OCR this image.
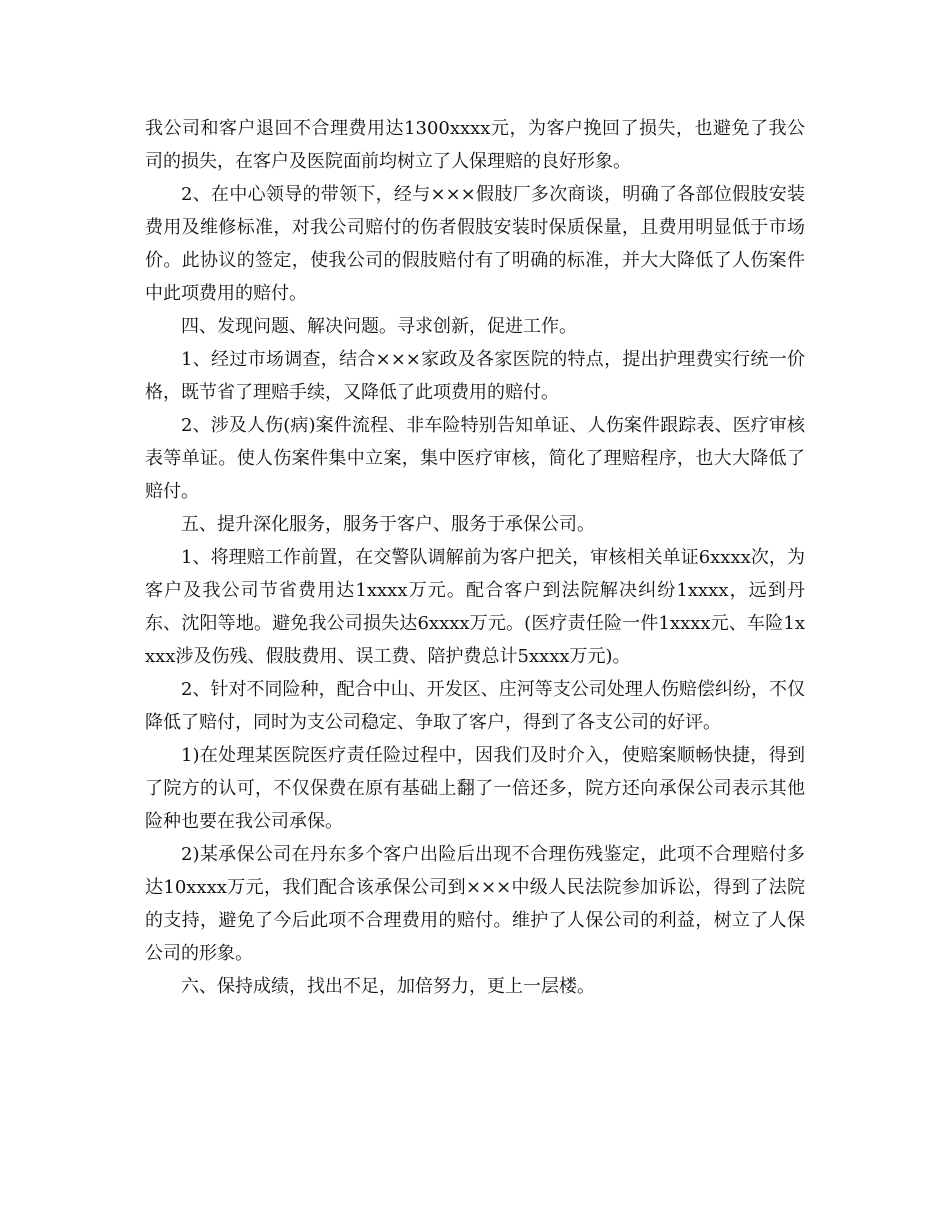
我公司和客户退回不合理费用达1300xxxx元，为客户挽回了损失，也避免了我公司的损失，在客户及医院面前均树立了人保理赔的良好形象。

2、在中心领导的带领下，经与×××假肢厂多次商谈，明确了各部位假肢安装费用及维修标准，对我公司赔付的伤者假肢安装时保质保量，且费用明显低于市场价。此协议的签定，使我公司的假肢赔付有了明确的标准，并大大降低了人伤案件中此项费用的赔付。

四、发现问题、解决问题。寻求创新，促进工作。

1、经过市场调查，结合×××家政及各家医院的特点，提出护理费实行统一价格，既节省了理赔手续，又降低了此项费用的赔付。

2、涉及人伤(病)案件流程、非车险特别告知单证、人伤案件跟踪表、医疗审核表等单证。使人伤案件集中立案，集中医疗审核，简化了理赔程序，也大大降低了赔付。

五、提升深化服务，服务于客户、服务于承保公司。

1、将理赔工作前置，在交警队调解前为客户把关，审核相关单证6xxxx次，为客户及我公司节省费用达1xxxx万元。配合客户到法院解决纠纷1xxxx，远到丹东、沈阳等地。避免我公司损失达6xxxx万元。(医疗责任险一件1xxxx元、车险1xxxx涉及伤残、假肢费用、误工费、陪护费总计5xxxx万元)。

2、针对不同险种，配合中山、开发区、庄河等支公司处理人伤赔偿纠纷，不仅降低了赔付，同时为支公司稳定、争取了客户，得到了各支公司的好评。

1)在处理某医院医疗责任险过程中，因我们及时介入，使赔案顺畅快捷，得到了院方的认可，不仅保费在原有基础上翻了一倍还多，院方还向承保公司表示其他险种也要在我公司承保。

2)某承保公司在丹东多个客户出险后出现不合理伤残鉴定，此项不合理赔付多达10xxxx万元，我们配合该承保公司到×××中级人民法院参加诉讼，得到了法院的支持，避免了今后此项不合理费用的赔付。维护了人保公司的利益，树立了人保公司的形象。

六、保持成绩，找出不足，加倍努力，更上一层楼。
